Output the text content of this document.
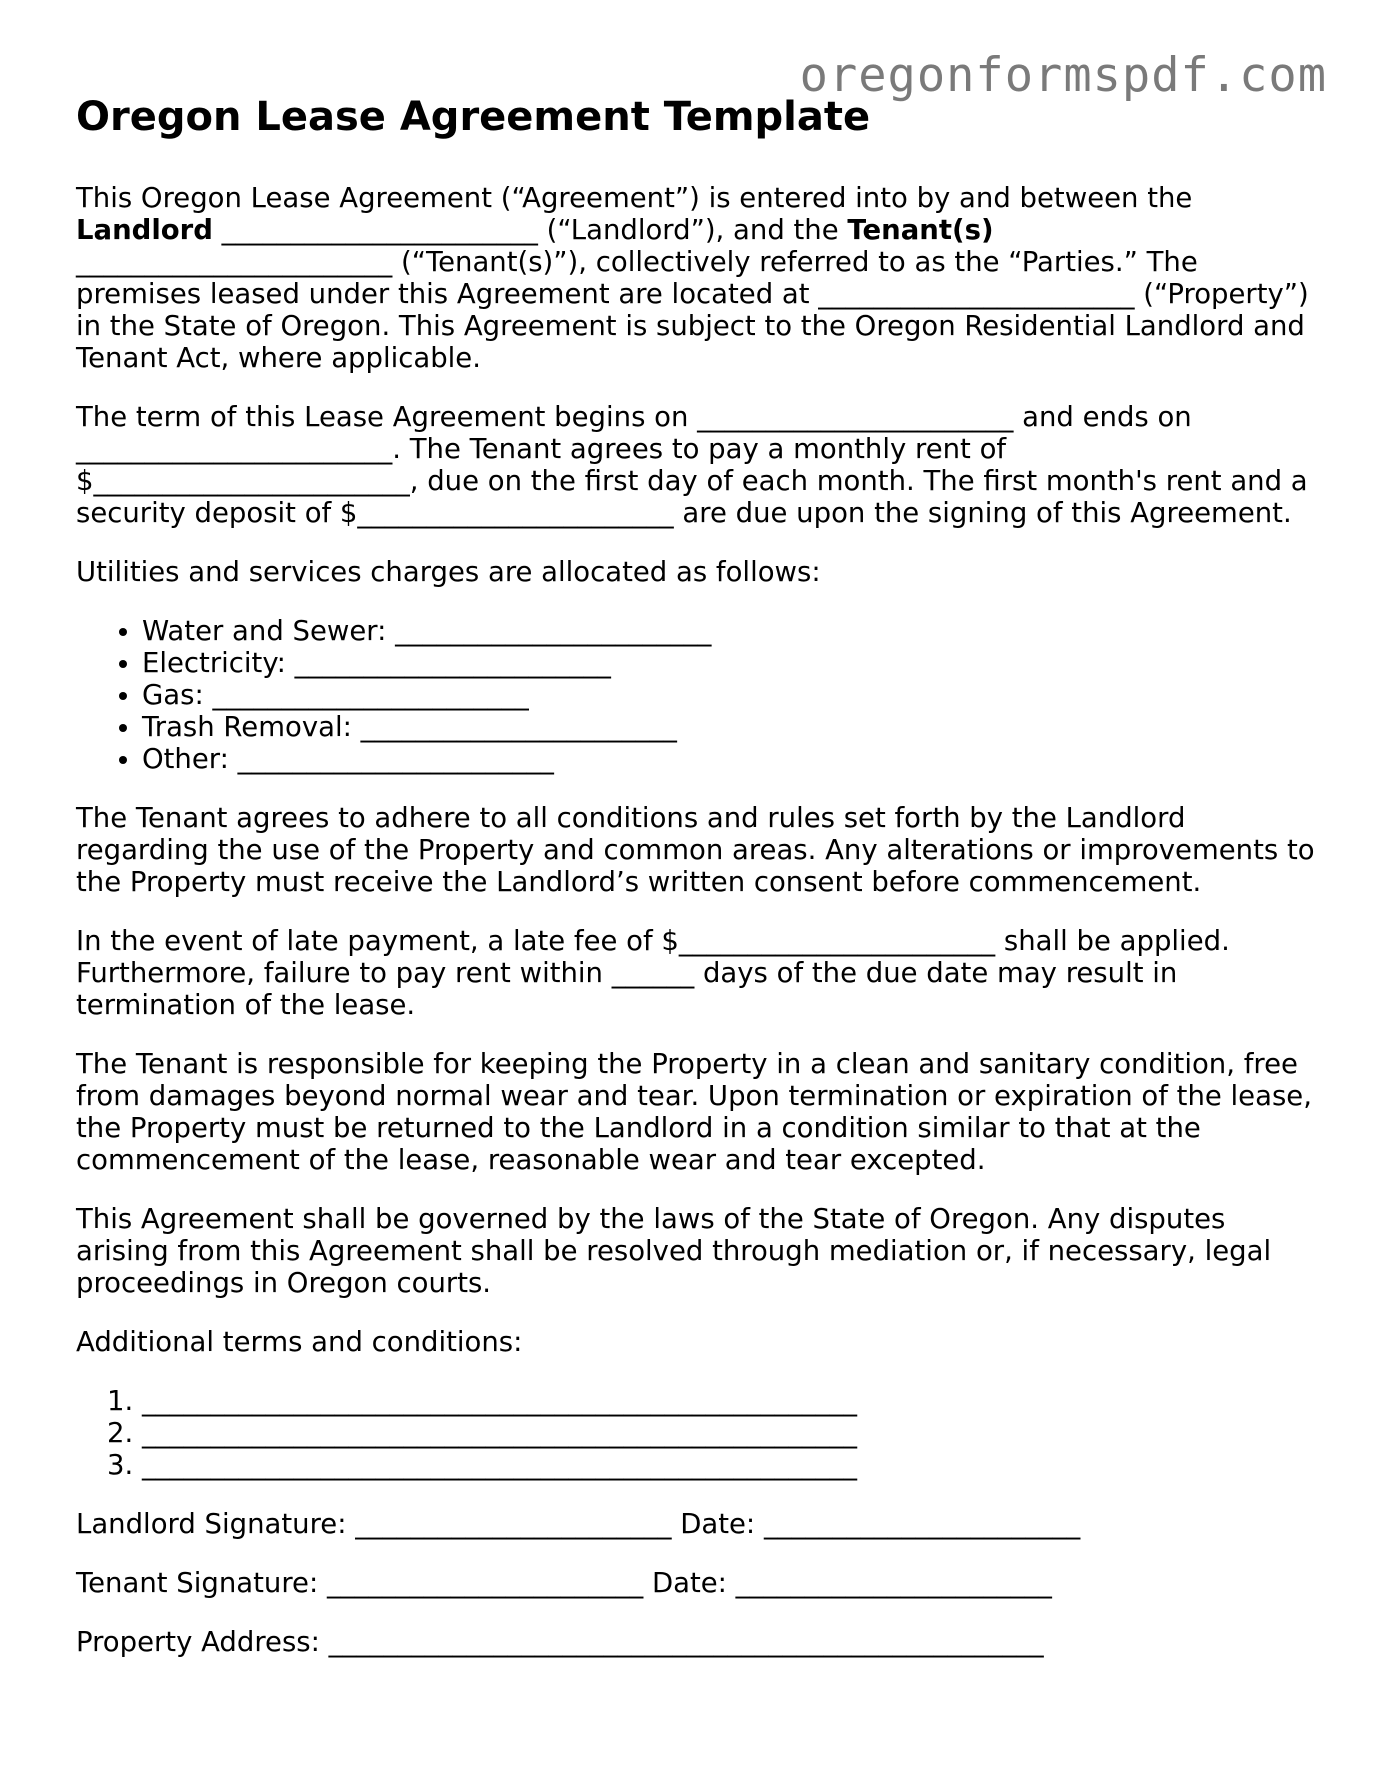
oregonformspdf.com
Oregon Lease Agreement Template

This Oregon Lease Agreement (“Agreement”) is entered into by and between the Landlord _______________________ (“Landlord”), and the Tenant(s) _______________________ (“Tenant(s)”), collectively referred to as the “Parties.” The premises leased under this Agreement are located at _______________________ (“Property”) in the State of Oregon. This Agreement is subject to the Oregon Residential Landlord and Tenant Act, where applicable.

The term of this Lease Agreement begins on _______________________ and ends on _______________________. The Tenant agrees to pay a monthly rent of $_______________________, due on the first day of each month. The first month's rent and a security deposit of $_______________________ are due upon the signing of this Agreement.

Utilities and services charges are allocated as follows:

• Water and Sewer: _______________________
• Electricity: _______________________
• Gas: _______________________
• Trash Removal: _______________________
• Other: _______________________

The Tenant agrees to adhere to all conditions and rules set forth by the Landlord regarding the use of the Property and common areas. Any alterations or improvements to the Property must receive the Landlord’s written consent before commencement.

In the event of late payment, a late fee of $_______________________ shall be applied. Furthermore, failure to pay rent within ______ days of the due date may result in termination of the lease.

The Tenant is responsible for keeping the Property in a clean and sanitary condition, free from damages beyond normal wear and tear. Upon termination or expiration of the lease, the Property must be returned to the Landlord in a condition similar to that at the commencement of the lease, reasonable wear and tear excepted.

This Agreement shall be governed by the laws of the State of Oregon. Any disputes arising from this Agreement shall be resolved through mediation or, if necessary, legal proceedings in Oregon courts.

Additional terms and conditions:

1. ____________________________________________________
2. ____________________________________________________
3. ____________________________________________________
Landlord Signature: _______________________ Date: _______________________
Tenant Signature: _______________________ Date: _______________________
Property Address: ____________________________________________________
